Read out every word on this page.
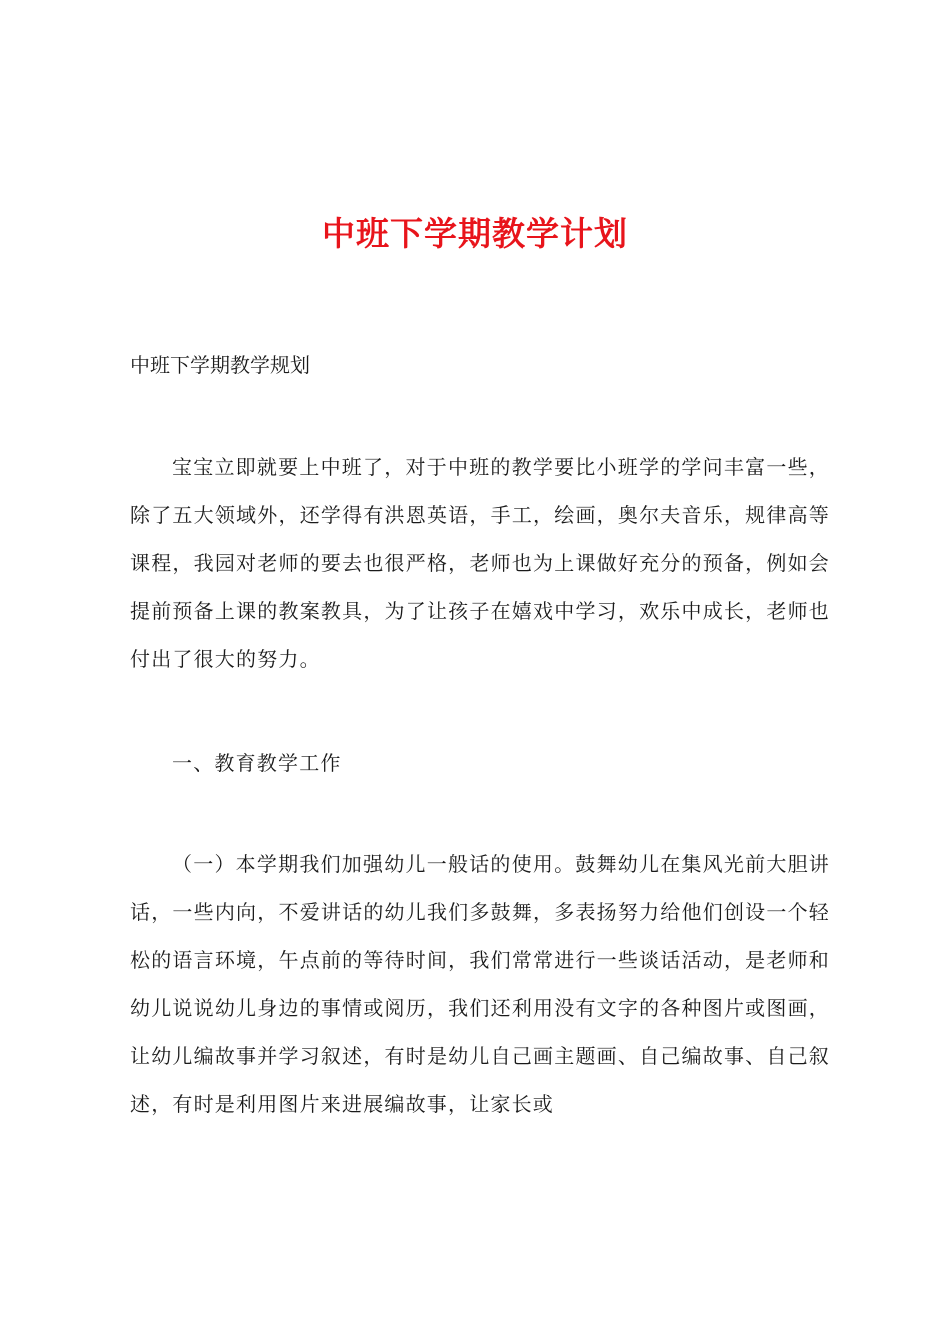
中班下学期教学计划

中班下学期教学规划

宝宝立即就要上中班了，对于中班的教学要比小班学的学问丰富一些，除了五大领域外，还学得有洪恩英语，手工，绘画，奥尔夫音乐，规律高等课程，我园对老师的要去也很严格，老师也为上课做好充分的预备，例如会提前预备上课的教案教具，为了让孩子在嬉戏中学习，欢乐中成长，老师也付出了很大的努力。

一、教育教学工作

（一）本学期我们加强幼儿一般话的使用。鼓舞幼儿在集风光前大胆讲话，一些内向，不爱讲话的幼儿我们多鼓舞，多表扬努力给他们创设一个轻松的语言环境，午点前的等待时间，我们常常进行一些谈话活动，是老师和幼儿说说幼儿身边的事情或阅历，我们还利用没有文字的各种图片或图画，让幼儿编故事并学习叙述，有时是幼儿自己画主题画、自己编故事、自己叙述，有时是利用图片来进展编故事，让家长或
